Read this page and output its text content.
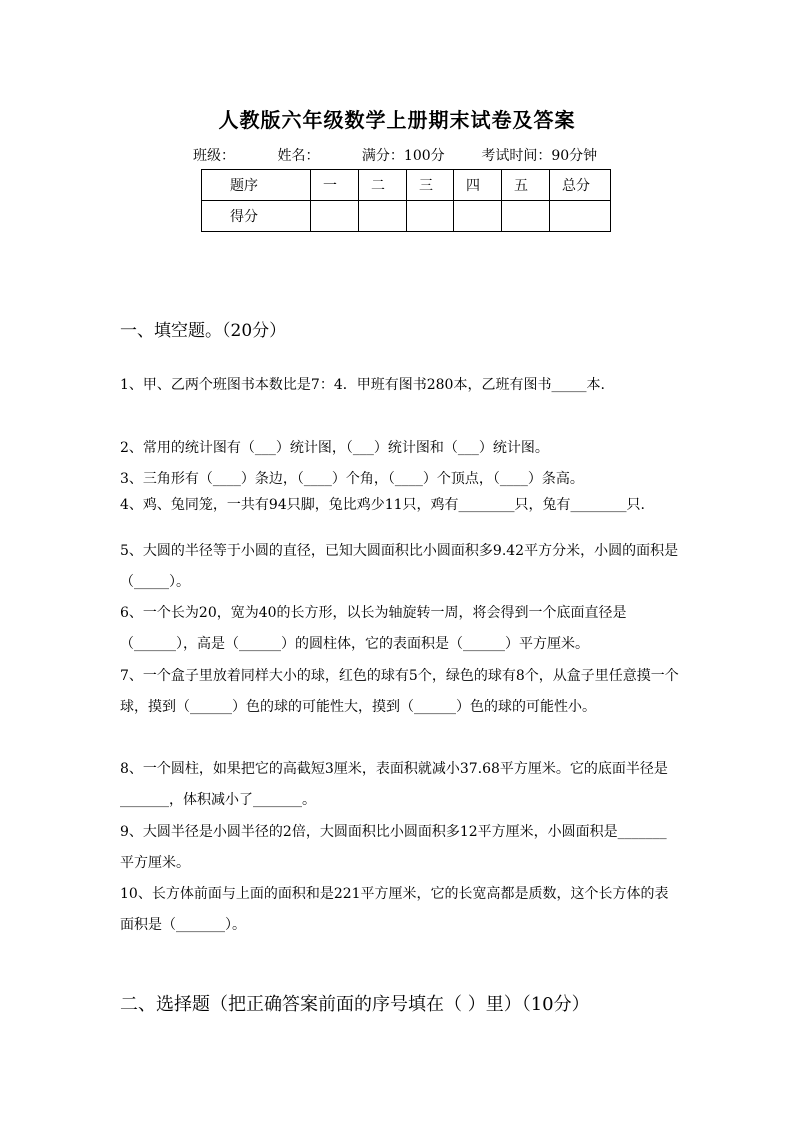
人教版六年级数学上册期末试卷及答案
班级：	姓名：	满分：100分	考试时间：90分钟
题序	一	二	三	四	五	总分
得分						
一、填空题。（20分）
1、甲、乙两个班图书本数比是7：4．甲班有图书280本，乙班有图书_____本.
2、常用的统计图有（___）统计图，（___）统计图和（___）统计图。
3、三角形有（____）条边，（____）个角，（____）个顶点，（____）条高。
4、鸡、兔同笼，一共有94只脚，兔比鸡少11只，鸡有________只，兔有________只.
5、大圆的半径等于小圆的直径，已知大圆面积比小圆面积多9.42平方分米，小圆的面积是（_____）。
6、一个长为20，宽为40的长方形，以长为轴旋转一周，将会得到一个底面直径是（______），高是（______）的圆柱体，它的表面积是（______）平方厘米。
7、一个盒子里放着同样大小的球，红色的球有5个，绿色的球有8个，从盒子里任意摸一个球，摸到（______）色的球的可能性大，摸到（______）色的球的可能性小。
8、一个圆柱，如果把它的高截短3厘米，表面积就减小37.68平方厘米。它的底面半径是_______，体积减小了_______。
9、大圆半径是小圆半径的2倍，大圆面积比小圆面积多12平方厘米，小圆面积是_______平方厘米。
10、长方体前面与上面的面积和是221平方厘米，它的长宽高都是质数，这个长方体的表面积是（_______）。
二、选择题（把正确答案前面的序号填在（ ）里）（10分）
